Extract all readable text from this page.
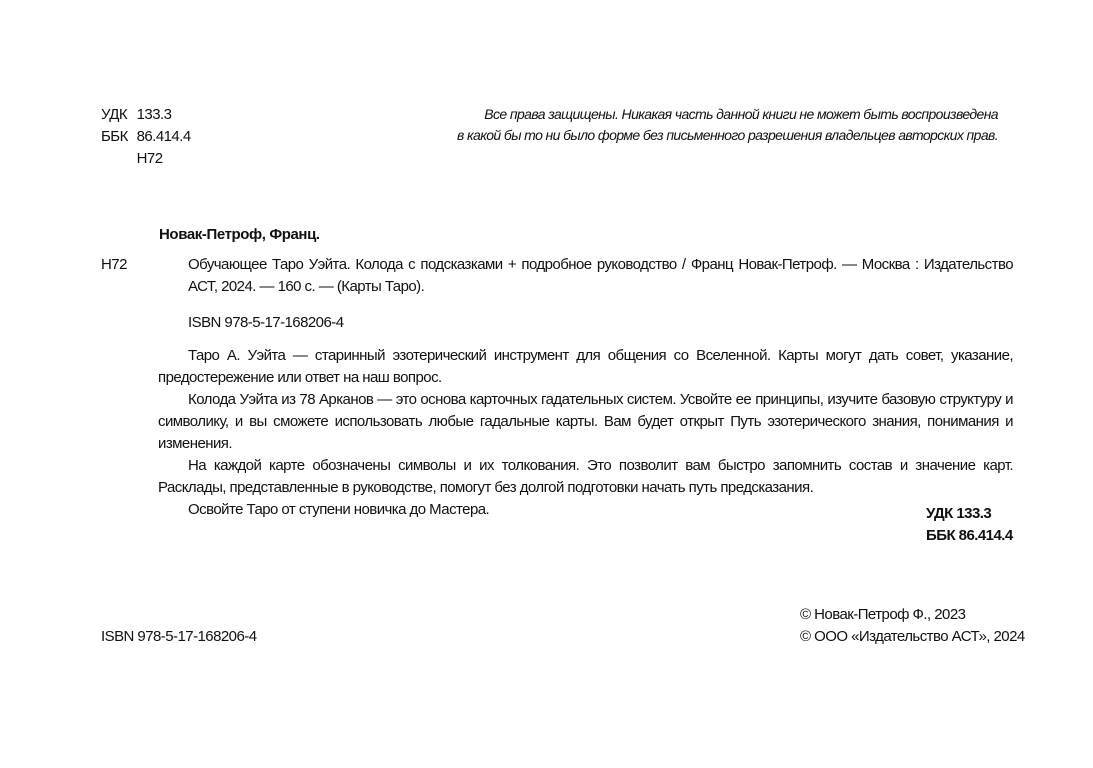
УДК 133.3
ББК 86.414.4
Н72
Все права защищены. Никакая часть данной книги не может быть воспроизведена
в какой бы то ни было форме без письменного разрешения владельцев авторских прав.
Новак-Петроф, Франц.
Н72	Обучающее Таро Уэйта. Колода с подсказками + подробное руководство / Франц Новак-Петроф. — Москва : Издательство АСТ, 2024. — 160 с. — (Карты Таро).
ISBN 978-5-17-168206-4

Таро А. Уэйта — старинный эзотерический инструмент для общения со Вселенной. Карты могут дать совет, указание, предостережение или ответ на наш вопрос.

Колода Уэйта из 78 Арканов — это основа карточных гадательных систем. Усвойте ее принципы, изучите базовую структуру и символику, и вы сможете использовать любые гадальные карты. Вам будет открыт Путь эзотерического знания, понимания и изменения.

На каждой карте обозначены символы и их толкования. Это позволит вам быстро запомнить состав и значение карт. Расклады, представленные в руководстве, помогут без долгой подготовки начать путь предсказания.

Освойте Таро от ступени новичка до Мастера.	УДК 133.3
ББК 86.414.4
ISBN 978-5-17-168206-4
© Новак-Петроф Ф., 2023
© ООО «Издательство АСТ», 2024
